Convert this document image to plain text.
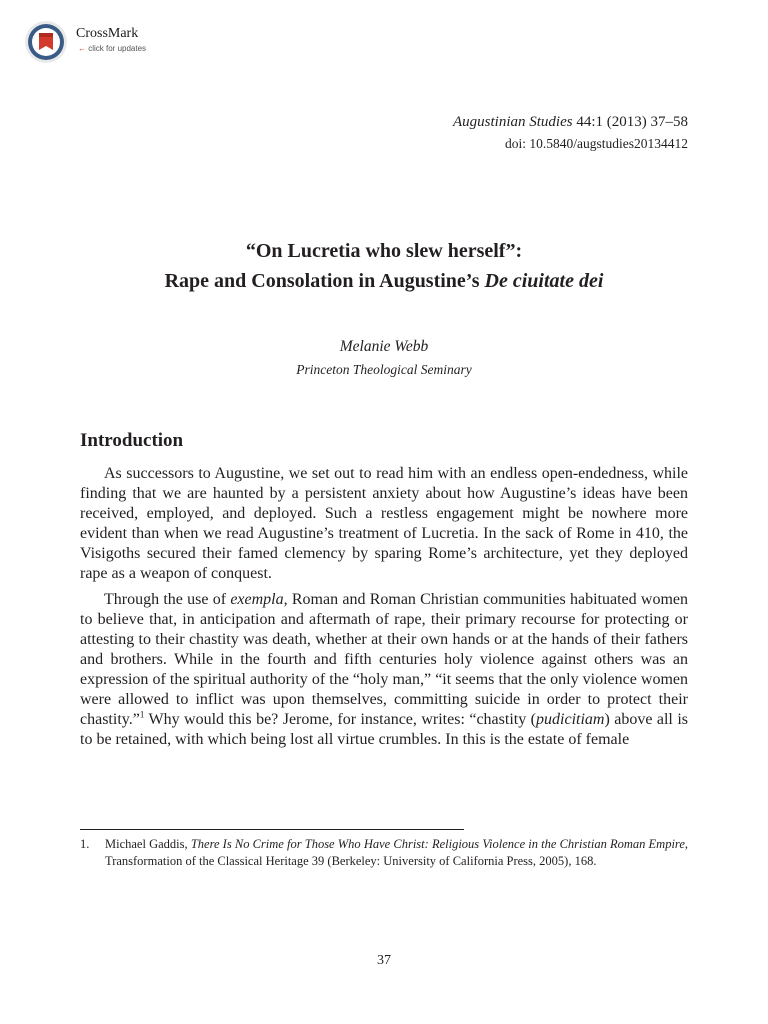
CrossMark
← click for updates
Augustinian Studies 44:1 (2013) 37–58
doi: 10.5840/augstudies20134412
“On Lucretia who slew herself”:
Rape and Consolation in Augustine’s De ciuitate dei
Melanie Webb
Princeton Theological Seminary
Introduction

As successors to Augustine, we set out to read him with an endless open-endedness, while finding that we are haunted by a persistent anxiety about how Augustine’s ideas have been received, employed, and deployed. Such a restless engagement might be nowhere more evident than when we read Augustine’s treatment of Lucretia. In the sack of Rome in 410, the Visigoths secured their famed clemency by sparing Rome’s architecture, yet they deployed rape as a weapon of conquest.

Through the use of exempla, Roman and Roman Christian communities habituated women to believe that, in anticipation and aftermath of rape, their primary recourse for protecting or attesting to their chastity was death, whether at their own hands or at the hands of their fathers and brothers. While in the fourth and fifth centuries holy violence against others was an expression of the spiritual authority of the “holy man,” “it seems that the only violence women were allowed to inflict was upon themselves, committing suicide in order to protect their chastity.”$^1$ Why would this be? Jerome, for instance, writes: “chastity (pudicitiam) above all is to be retained, with which being lost all virtue crumbles. In this is the estate of female

1. Michael Gaddis, There Is No Crime for Those Who Have Christ: Religious Violence in the Christian Roman Empire, Transformation of the Classical Heritage 39 (Berkeley: University of California Press, 2005), 168.
37
